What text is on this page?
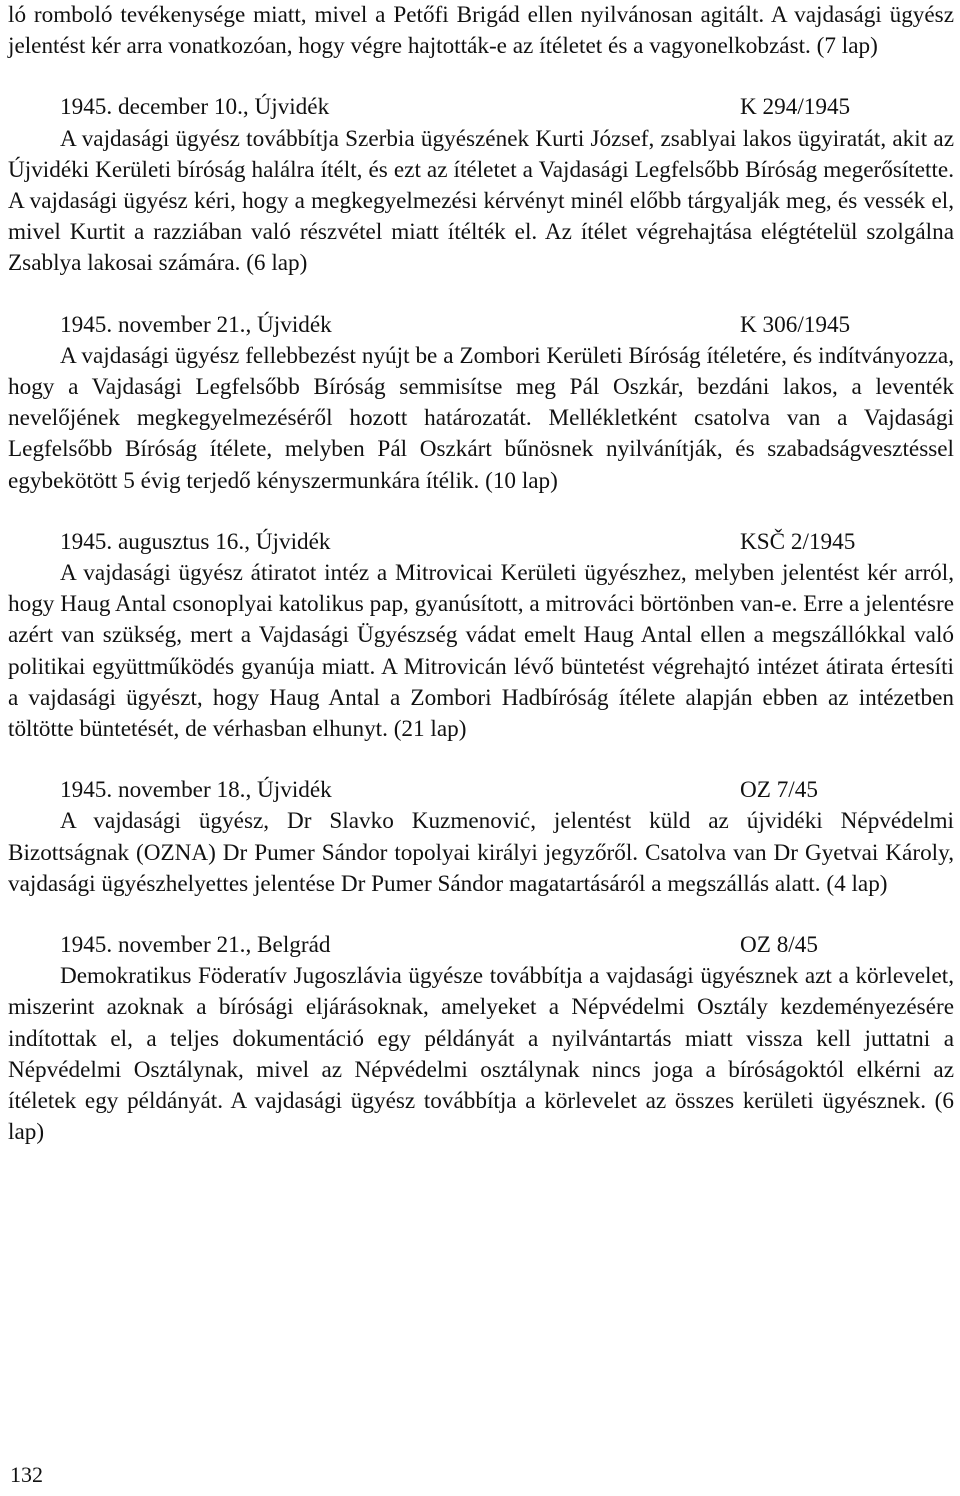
ló romboló tevékenysége miatt, mivel a Petőfi Brigád ellen nyilvánosan agitált. A vajdasági ügyész jelentést kér arra vonatkozóan, hogy végre hajtották-e az ítéletet és a vagyonelkobzást. (7 lap)

1945. december 10., Újvidék	K 294/1945

A vajdasági ügyész továbbítja Szerbia ügyészének Kurti József, zsablyai lakos ügyiratát, akit az Újvidéki Kerületi bíróság halálra ítélt, és ezt az ítéletet a Vajdasági Legfelsőbb Bíróság megerősítette. A vajdasági ügyész kéri, hogy a megkegyelmezési kérvényt minél előbb tárgyalják meg, és vessék el, mivel Kurtit a razziában való részvétel miatt ítélték el. Az ítélet végrehajtása elégtételül szolgálna Zsablya lakosai számára. (6 lap)

1945. november 21., Újvidék	K 306/1945

A vajdasági ügyész fellebbezést nyújt be a Zombori Kerületi Bíróság ítéletére, és indítványozza, hogy a Vajdasági Legfelsőbb Bíróság semmisítse meg Pál Oszkár, bezdáni lakos, a leventék nevelőjének megkegyelmezéséről hozott határozatát. Mellékletként csatolva van a Vajdasági Legfelsőbb Bíróság ítélete, melyben Pál Oszkárt bűnösnek nyilvánítják, és szabadságvesztéssel egybekötött 5 évig terjedő kényszermunkára ítélik. (10 lap)

1945. augusztus 16., Újvidék	KSČ 2/1945

A vajdasági ügyész átiratot intéz a Mitrovicai Kerületi ügyészhez, melyben jelentést kér arról, hogy Haug Antal csonoplyai katolikus pap, gyanúsított, a mitrováci börtönben van-e. Erre a jelentésre azért van szükség, mert a Vajdasági Ügyészség vádat emelt Haug Antal ellen a megszállókkal való politikai együttműködés gyanúja miatt. A Mitrovicán lévő büntetést végrehajtó intézet átirata értesíti a vajdasági ügyészt, hogy Haug Antal a Zombori Hadbíróság ítélete alapján ebben az intézetben töltötte büntetését, de vérhasban elhunyt. (21 lap)

1945. november 18., Újvidék	OZ 7/45

A vajdasági ügyész, Dr Slavko Kuzmenović, jelentést küld az újvidéki Népvédelmi Bizottságnak (OZNA) Dr Pumer Sándor topolyai királyi jegyzőről. Csatolva van Dr Gyetvai Károly, vajdasági ügyészhelyettes jelentése Dr Pumer Sándor magatartásáról a megszállás alatt. (4 lap)

1945. november 21., Belgrád	OZ 8/45

Demokratikus Föderatív Jugoszlávia ügyésze továbbítja a vajdasági ügyésznek azt a körlevelet, miszerint azoknak a bírósági eljárásoknak, amelyeket a Népvédelmi Osztály kezdeményezésére indítottak el, a teljes dokumentáció egy példányát a nyilvántartás miatt vissza kell juttatni a Népvédelmi Osztálynak, mivel az Népvédelmi osztálynak nincs joga a bíróságoktól elkérni az ítéletek egy példányát. A vajdasági ügyész továbbítja a körlevelet az összes kerületi ügyésznek. (6 lap)

132
